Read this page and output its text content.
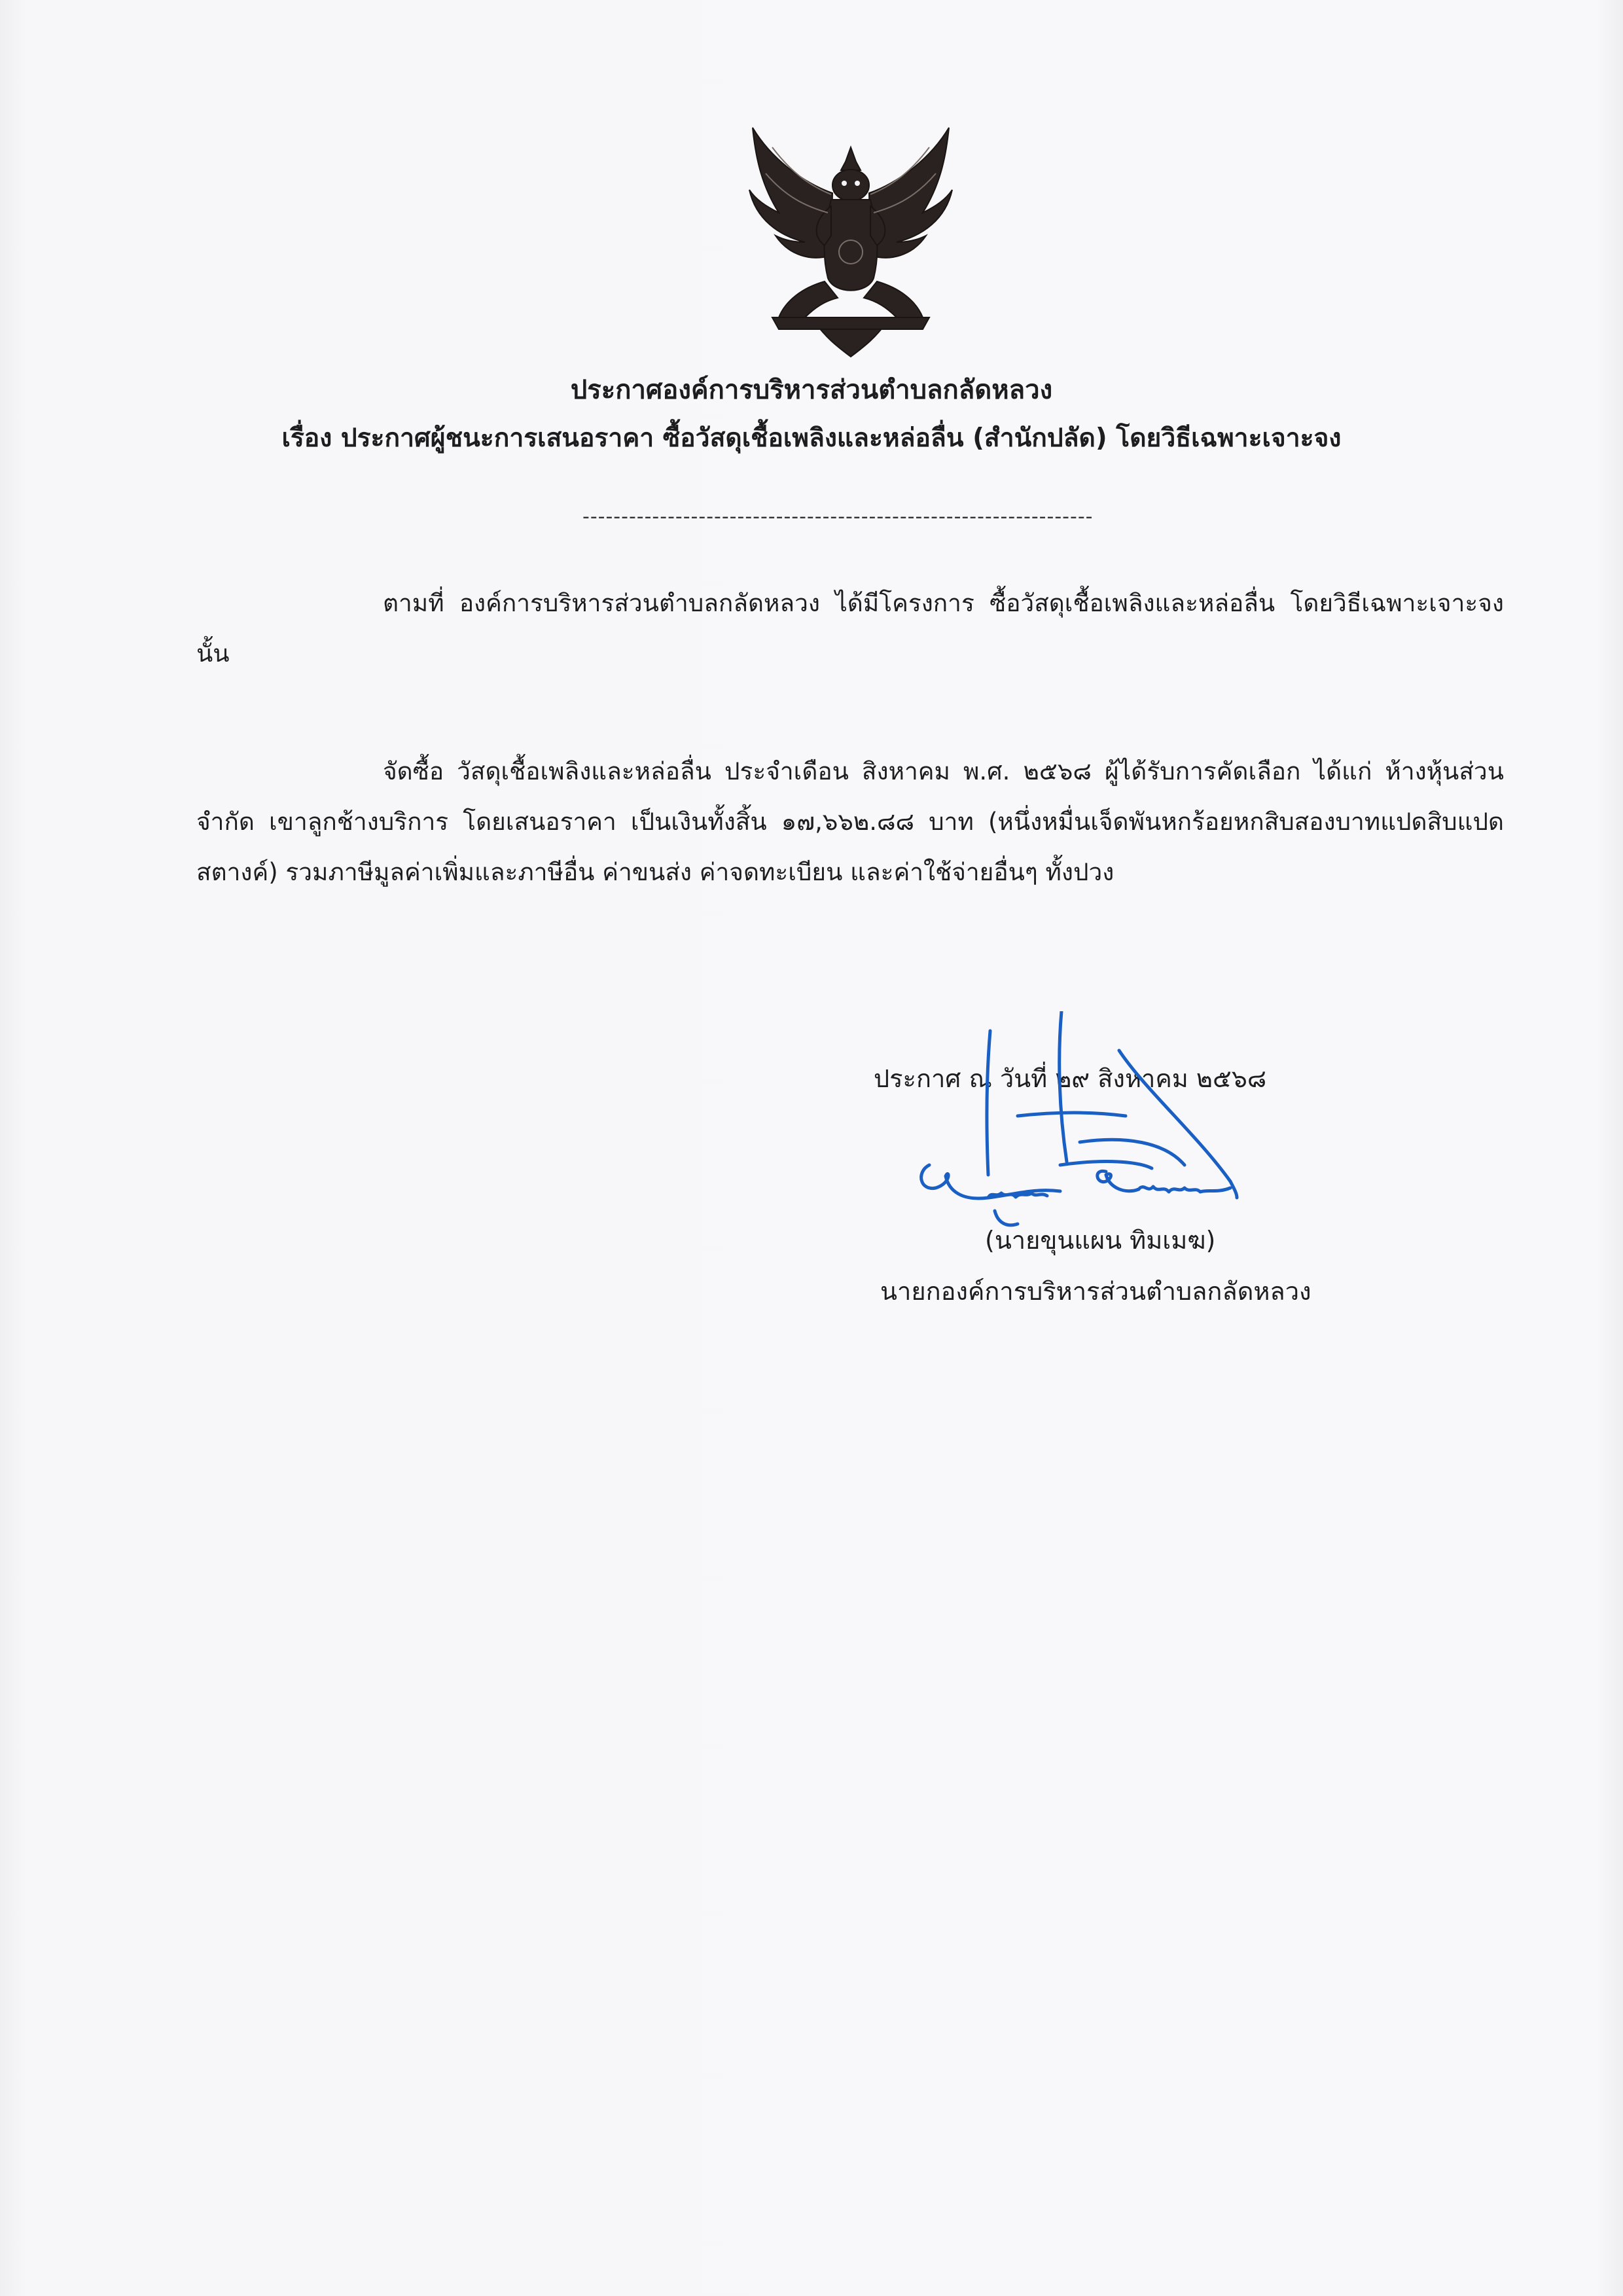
ประกาศองค์การบริหารส่วนตำบลกลัดหลวง
เรื่อง ประกาศผู้ชนะการเสนอราคา ซื้อวัสดุเชื้อเพลิงและหล่อลื่น (สำนักปลัด) โดยวิธีเฉพาะเจาะจง
------------------------------------------------------------------
ตามที่ องค์การบริหารส่วนตำบลกลัดหลวง ได้มีโครงการ ซื้อวัสดุเชื้อเพลิงและหล่อลื่น โดยวิธีเฉพาะเจาะจง นั้น
จัดซื้อ วัสดุเชื้อเพลิงและหล่อลื่น ประจำเดือน สิงหาคม พ.ศ. ๒๕๖๘ ผู้ได้รับการคัดเลือก ได้แก่ ห้างหุ้นส่วนจำกัด เขาลูกช้างบริการ โดยเสนอราคา เป็นเงินทั้งสิ้น ๑๗,๖๖๒.๘๘ บาท (หนึ่งหมื่นเจ็ดพันหกร้อยหกสิบสองบาทแปดสิบแปดสตางค์) รวมภาษีมูลค่าเพิ่มและภาษีอื่น ค่าขนส่ง ค่าจดทะเบียน และค่าใช้จ่ายอื่นๆ ทั้งปวง
ประกาศ ณ วันที่ ๒๙ สิงหาคม ๒๕๖๘
(นายขุนแผน ทิมเมฆ)
นายกองค์การบริหารส่วนตำบลกลัดหลวง
